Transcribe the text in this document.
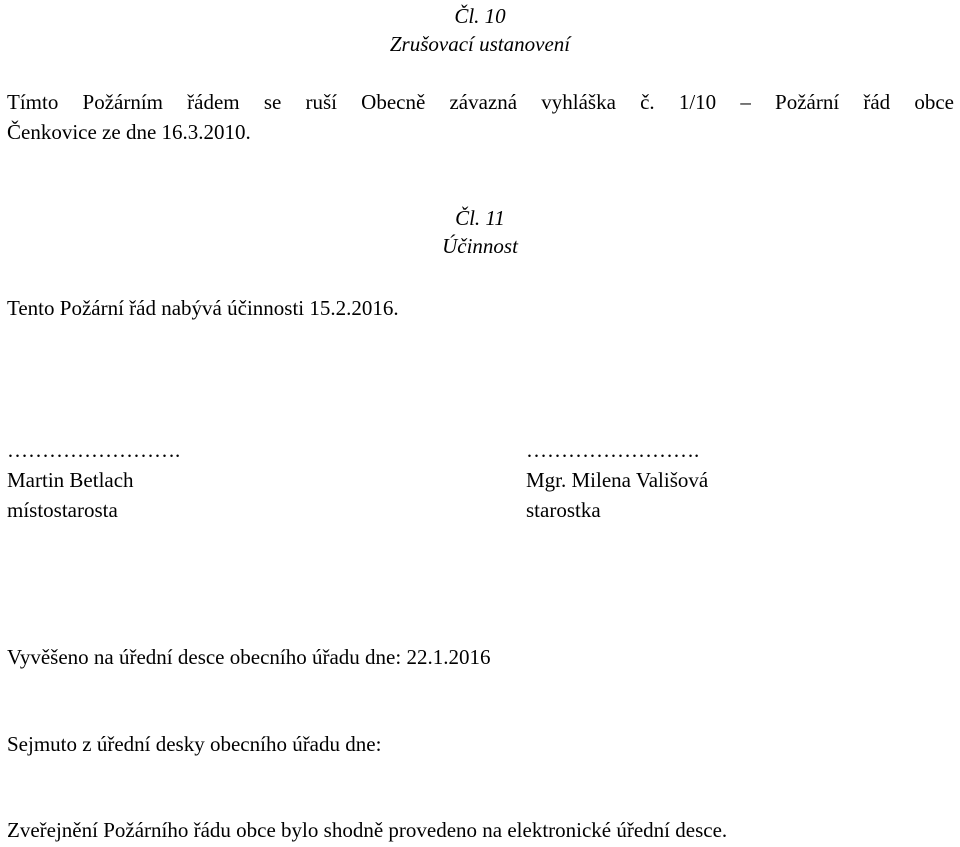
Čl. 10
Zrušovací ustanovení
Tímto Požárním řádem se ruší Obecně závazná vyhláška č. 1/10 – Požární řád obce
Čenkovice ze dne 16.3.2010.
Čl. 11
Účinnost
Tento Požární řád nabývá účinnosti 15.2.2016.
…………………….
Martin Betlach
místostarosta
…………………….
Mgr. Milena Vališová
starostka
Vyvěšeno na úřední desce obecního úřadu dne: 22.1.2016
Sejmuto z úřední desky obecního úřadu dne:
Zveřejnění Požárního řádu obce bylo shodně provedeno na elektronické úřední desce.
